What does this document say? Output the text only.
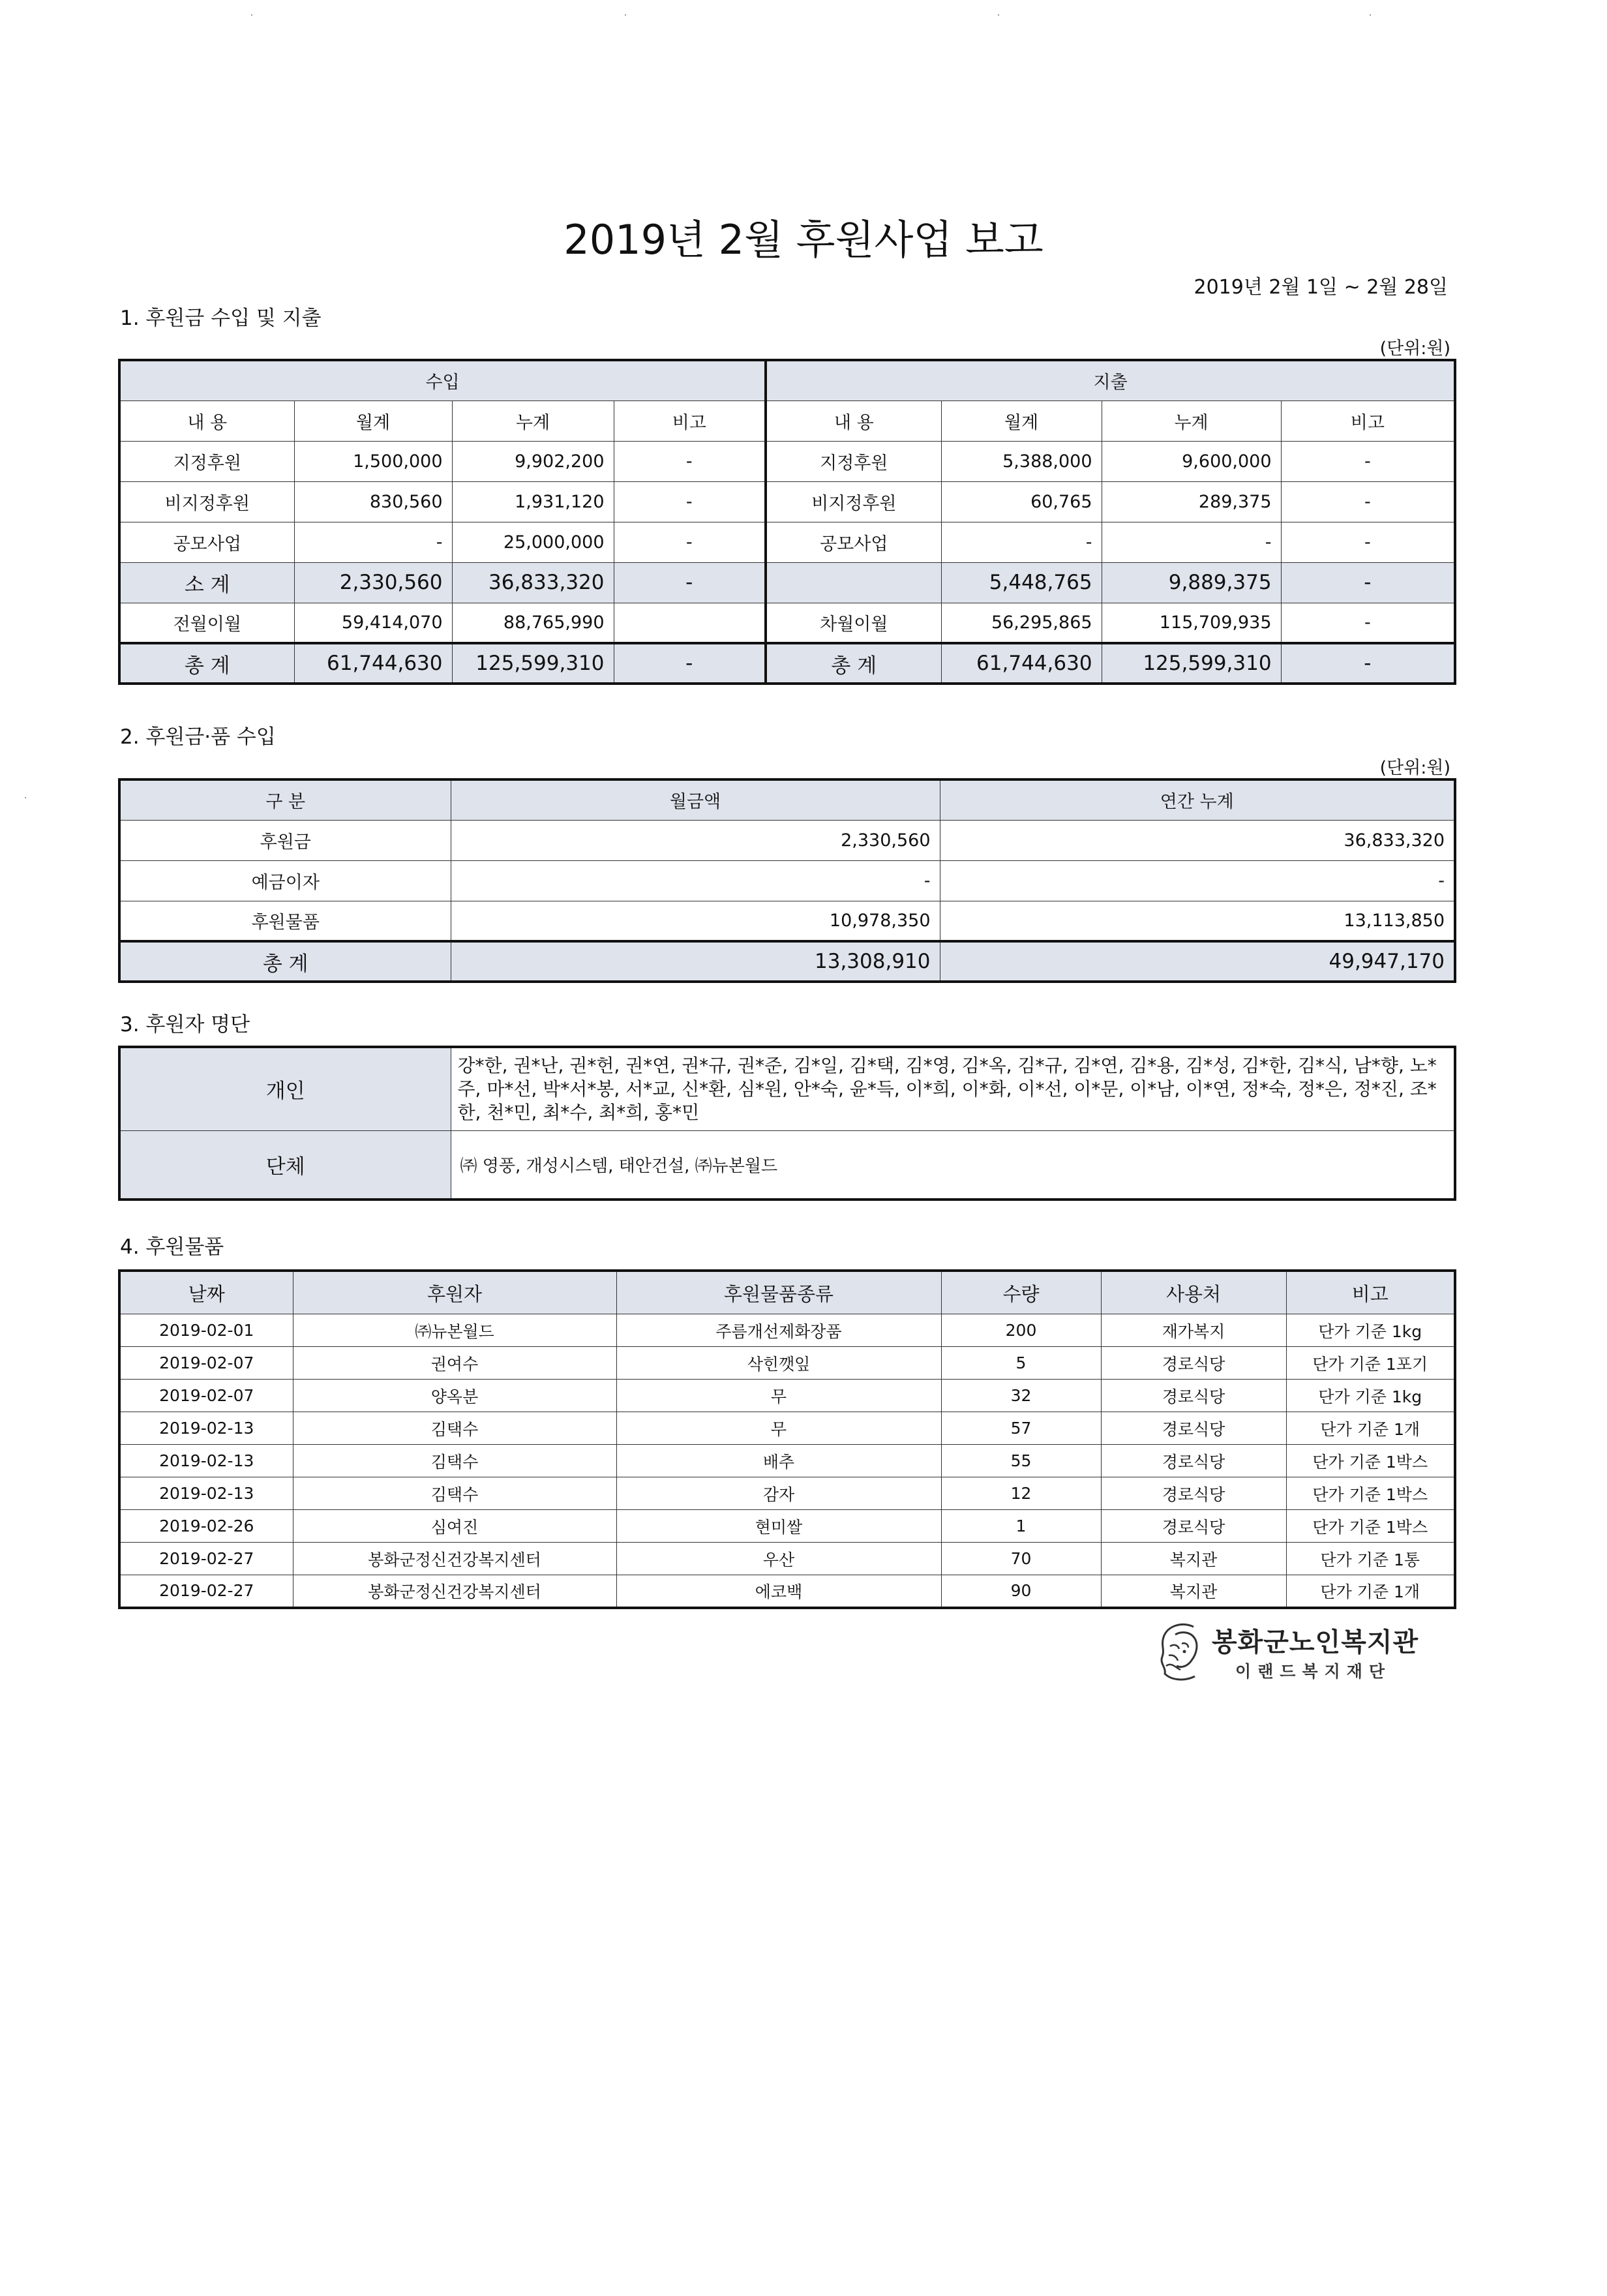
2019년 2월 후원사업 보고
2019년 2월 1일 ~ 2월 28일
1. 후원금 수입 및 지출
(단위:원)
수입				지출			
내 용	월계	누계	비고	내 용	월계	누계	비고
지정후원	1,500,000	9,902,200	-	지정후원	5,388,000	9,600,000	-
비지정후원	830,560	1,931,120	-	비지정후원	60,765	289,375	-
공모사업	-	25,000,000	-	공모사업	-	-	-
소 계	2,330,560	36,833,320	-		5,448,765	9,889,375	-
전월이월	59,414,070	88,765,990		차월이월	56,295,865	115,709,935	-
총 계	61,744,630	125,599,310	-	총 계	61,744,630	125,599,310	-
2. 후원금·품 수입
(단위:원)
구 분	월금액	연간 누계
후원금	2,330,560	36,833,320
예금이자	-	-
후원물품	10,978,350	13,113,850
총 계	13,308,910	49,947,170
3. 후원자 명단
개인	강*한, 권*난, 권*헌, 권*연, 권*규, 권*준, 김*일, 김*택, 김*영, 김*옥, 김*규, 김*연, 김*용, 김*성, 김*한, 김*식, 남*향, 노*주, 마*선, 박*서*봉, 서*교, 신*환, 심*원, 안*숙, 윤*득, 이*희, 이*화, 이*선, 이*문, 이*남, 이*연, 정*숙, 정*은, 정*진, 조*한, 천*민, 최*수, 최*희, 홍*민
단체	㈜ 영풍, 개성시스템, 태안건설, ㈜뉴본월드
4. 후원물품
날짜	후원자	후원물품종류	수량	사용처	비고
2019-02-01	㈜뉴본월드	주름개선제화장품	200	재가복지	단가 기준 1kg
2019-02-07	권여수	삭힌깻잎	5	경로식당	단가 기준 1포기
2019-02-07	양옥분	무	32	경로식당	단가 기준 1kg
2019-02-13	김택수	무	57	경로식당	단가 기준 1개
2019-02-13	김택수	배추	55	경로식당	단가 기준 1박스
2019-02-13	김택수	감자	12	경로식당	단가 기준 1박스
2019-02-26	심여진	현미쌀	1	경로식당	단가 기준 1박스
2019-02-27	봉화군정신건강복지센터	우산	70	복지관	단가 기준 1통
2019-02-27	봉화군정신건강복지센터	에코백	90	복지관	단가 기준 1개
봉화군노인복지관
이랜드복지재단
